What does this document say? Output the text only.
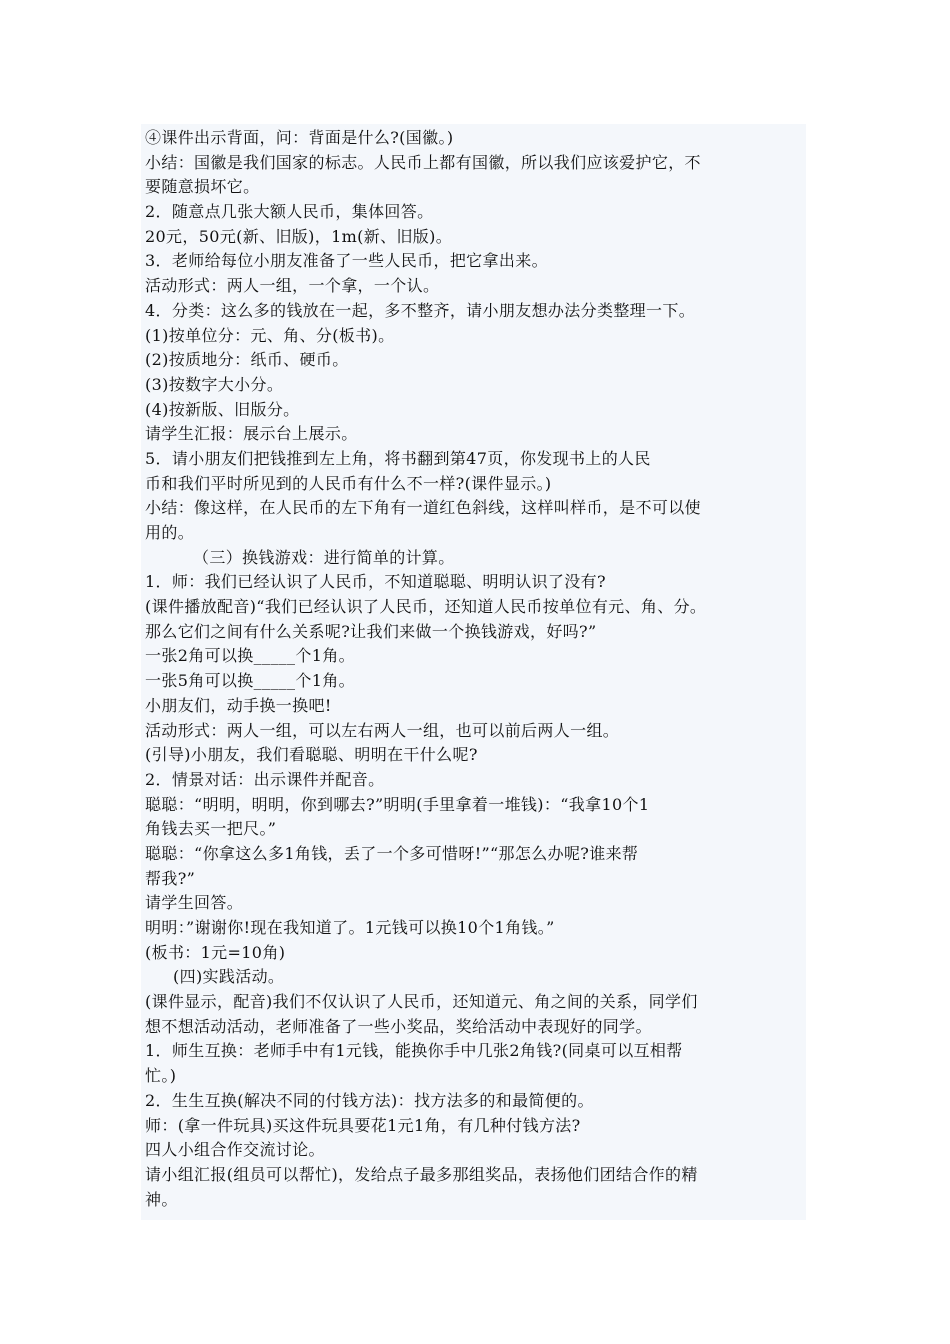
④课件出示背面，问：背面是什么?(国徽。)
小结：国徽是我们国家的标志。人民币上都有国徽，所以我们应该爱护它，不
要随意损坏它。
2．随意点几张大额人民币，集体回答。
20元，50元(新、旧版)，1m(新、旧版)。
3．老师给每位小朋友准备了一些人民币，把它拿出来。
活动形式：两人一组，一个拿，一个认。
4．分类：这么多的钱放在一起，多不整齐，请小朋友想办法分类整理一下。
(1)按单位分：元、角、分(板书)。
(2)按质地分：纸币、硬币。
(3)按数字大小分。
(4)按新版、旧版分。
请学生汇报：展示台上展示。
5．请小朋友们把钱推到左上角，将书翻到第47页，你发现书上的人民
币和我们平时所见到的人民币有什么不一样?(课件显示。)
小结：像这样，在人民币的左下角有一道红色斜线，这样叫样币，是不可以使
用的。
（三）换钱游戏：进行简单的计算。
1．师：我们已经认识了人民币，不知道聪聪、明明认识了没有?
(课件播放配音)“我们已经认识了人民币，还知道人民币按单位有元、角、分。
那么它们之间有什么关系呢?让我们来做一个换钱游戏，好吗?”
一张2角可以换_____个1角。
一张5角可以换_____个1角。
小朋友们，动手换一换吧!
活动形式：两人一组，可以左右两人一组，也可以前后两人一组。
(引导)小朋友，我们看聪聪、明明在干什么呢?
2．情景对话：出示课件并配音。
聪聪：“明明，明明，你到哪去?”明明(手里拿着一堆钱)：“我拿10个1
角钱去买一把尺。”
聪聪：“你拿这么多1角钱，丢了一个多可惜呀!”“那怎么办呢?谁来帮
帮我?”
请学生回答。
明明：”谢谢你!现在我知道了。1元钱可以换10个1角钱。”
(板书：1元=10角)
(四)实践活动。
(课件显示，配音)我们不仅认识了人民币，还知道元、角之间的关系，同学们
想不想活动活动，老师准备了一些小奖品，奖给活动中表现好的同学。
1．师生互换：老师手中有1元钱，能换你手中几张2角钱?(同桌可以互相帮
忙。)
2．生生互换(解决不同的付钱方法)：找方法多的和最简便的。
师：(拿一件玩具)买这件玩具要花1元1角，有几种付钱方法?
四人小组合作交流讨论。
请小组汇报(组员可以帮忙)，发给点子最多那组奖品，表扬他们团结合作的精
神。
